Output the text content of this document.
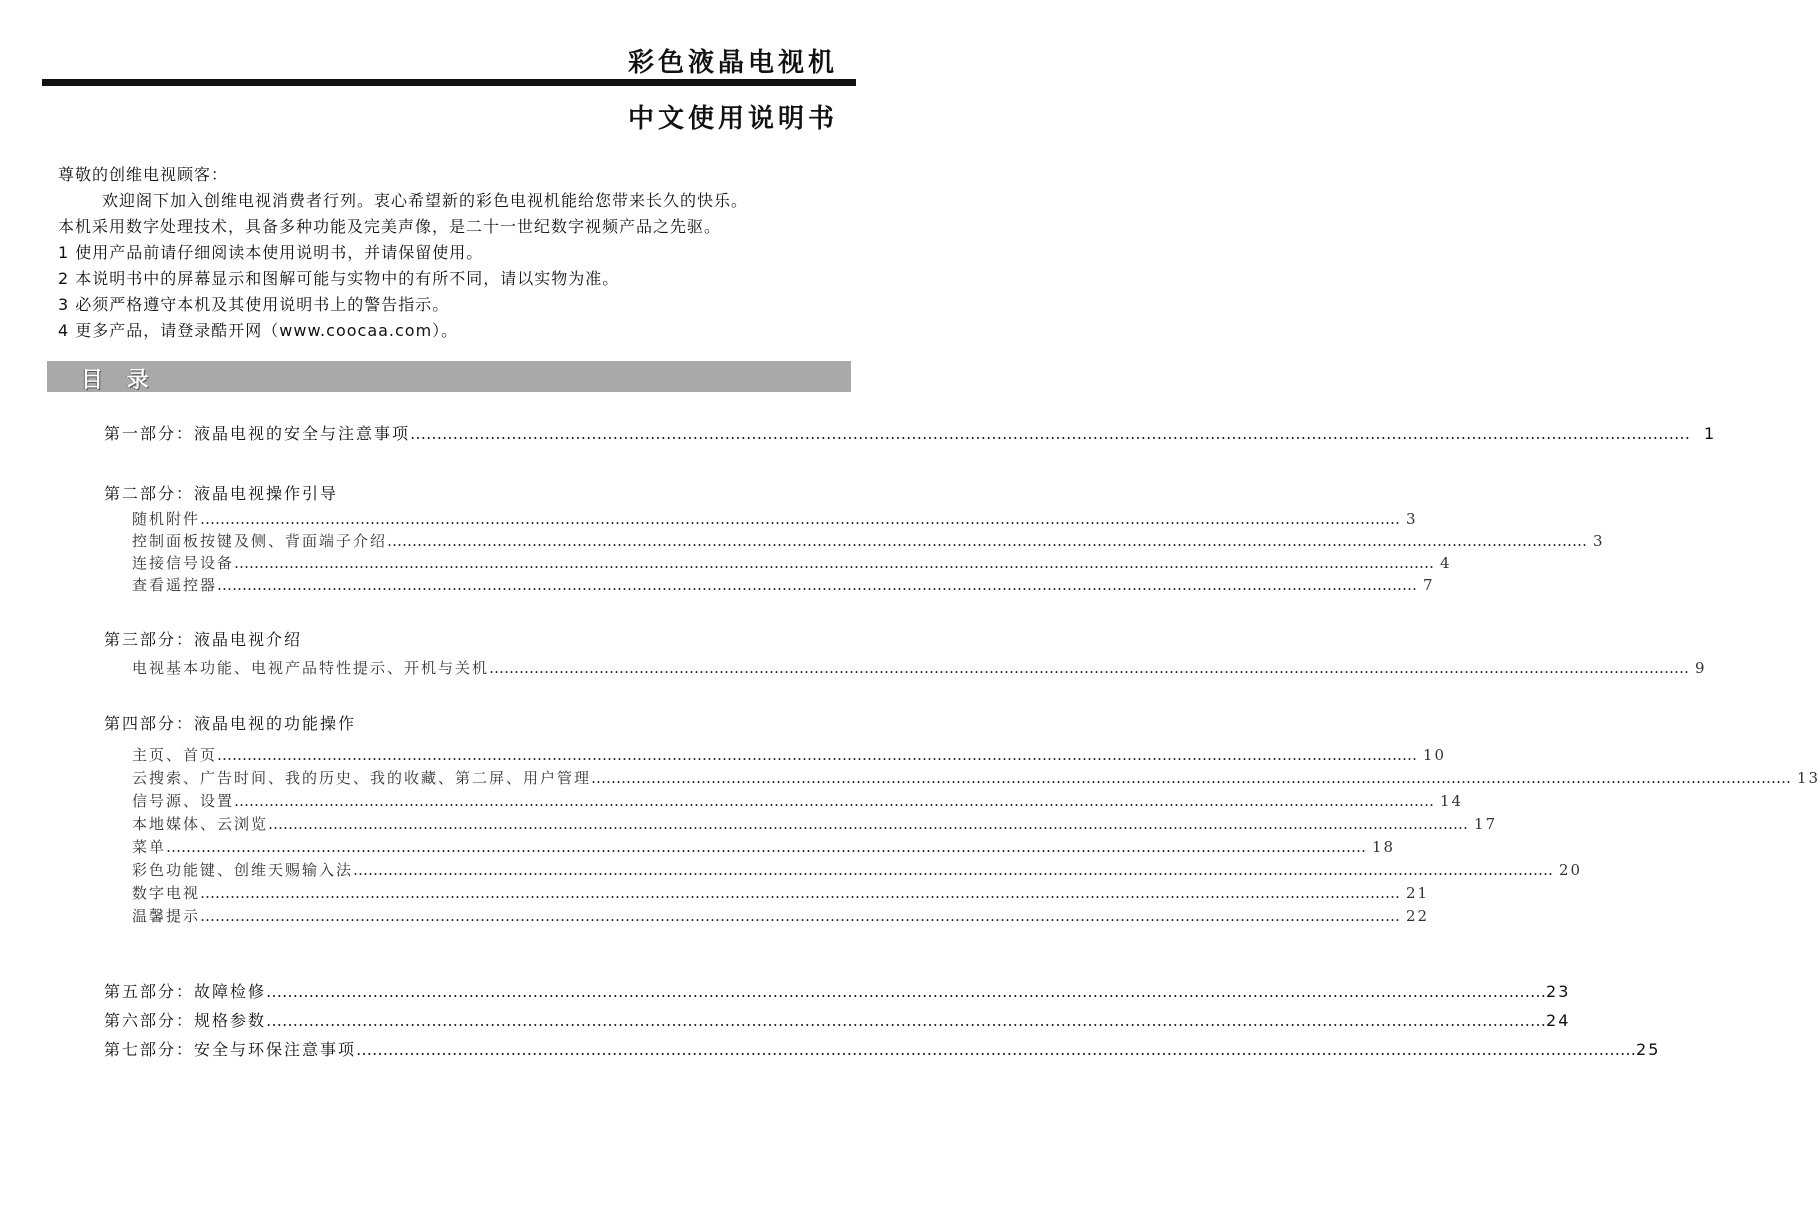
彩色液晶电视机
中文使用说明书
尊敬的创维电视顾客：
欢迎阁下加入创维电视消费者行列。衷心希望新的彩色电视机能给您带来长久的快乐。
本机采用数字处理技术，具备多种功能及完美声像，是二十一世纪数字视频产品之先驱。
1 使用产品前请仔细阅读本使用说明书，并请保留使用。
2 本说明书中的屏幕显示和图解可能与实物中的有所不同，请以实物为准。
3 必须严格遵守本机及其使用说明书上的警告指示。
4 更多产品，请登录酷开网（www.coocaa.com）。
目 录
第一部分：液晶电视的安全与注意事项 …………………………………………………………………………………………………………………………………………………………………………………………………………………… 1
第二部分：液晶电视操作引导
随机附件 …………………………………………………………………………………………………………………………………………………………………………………………………………………… 3
控制面板按键及侧、背面端子介绍 …………………………………………………………………………………………………………………………………………………………………………………………………………………… 3
连接信号设备 …………………………………………………………………………………………………………………………………………………………………………………………………………………… 4
查看遥控器 …………………………………………………………………………………………………………………………………………………………………………………………………………………… 7
第三部分：液晶电视介绍
电视基本功能、电视产品特性提示、开机与关机 …………………………………………………………………………………………………………………………………………………………………………………………………………………… 9
第四部分：液晶电视的功能操作
主页、首页 …………………………………………………………………………………………………………………………………………………………………………………………………………………… 10
云搜索、广告时间、我的历史、我的收藏、第二屏、用户管理 …………………………………………………………………………………………………………………………………………………………………………………………………………………… 13
信号源、设置 …………………………………………………………………………………………………………………………………………………………………………………………………………………… 14
本地媒体、云浏览 …………………………………………………………………………………………………………………………………………………………………………………………………………………… 17
菜单 …………………………………………………………………………………………………………………………………………………………………………………………………………………… 18
彩色功能键、创维天赐输入法 …………………………………………………………………………………………………………………………………………………………………………………………………………………… 20
数字电视 …………………………………………………………………………………………………………………………………………………………………………………………………………………… 21
温馨提示 …………………………………………………………………………………………………………………………………………………………………………………………………………………… 22
第五部分：故障检修 …………………………………………………………………………………………………………………………………………………………………………………………………………………… 23
第六部分：规格参数 …………………………………………………………………………………………………………………………………………………………………………………………………………………… 24
第七部分：安全与环保注意事项 …………………………………………………………………………………………………………………………………………………………………………………………………………………… 25
